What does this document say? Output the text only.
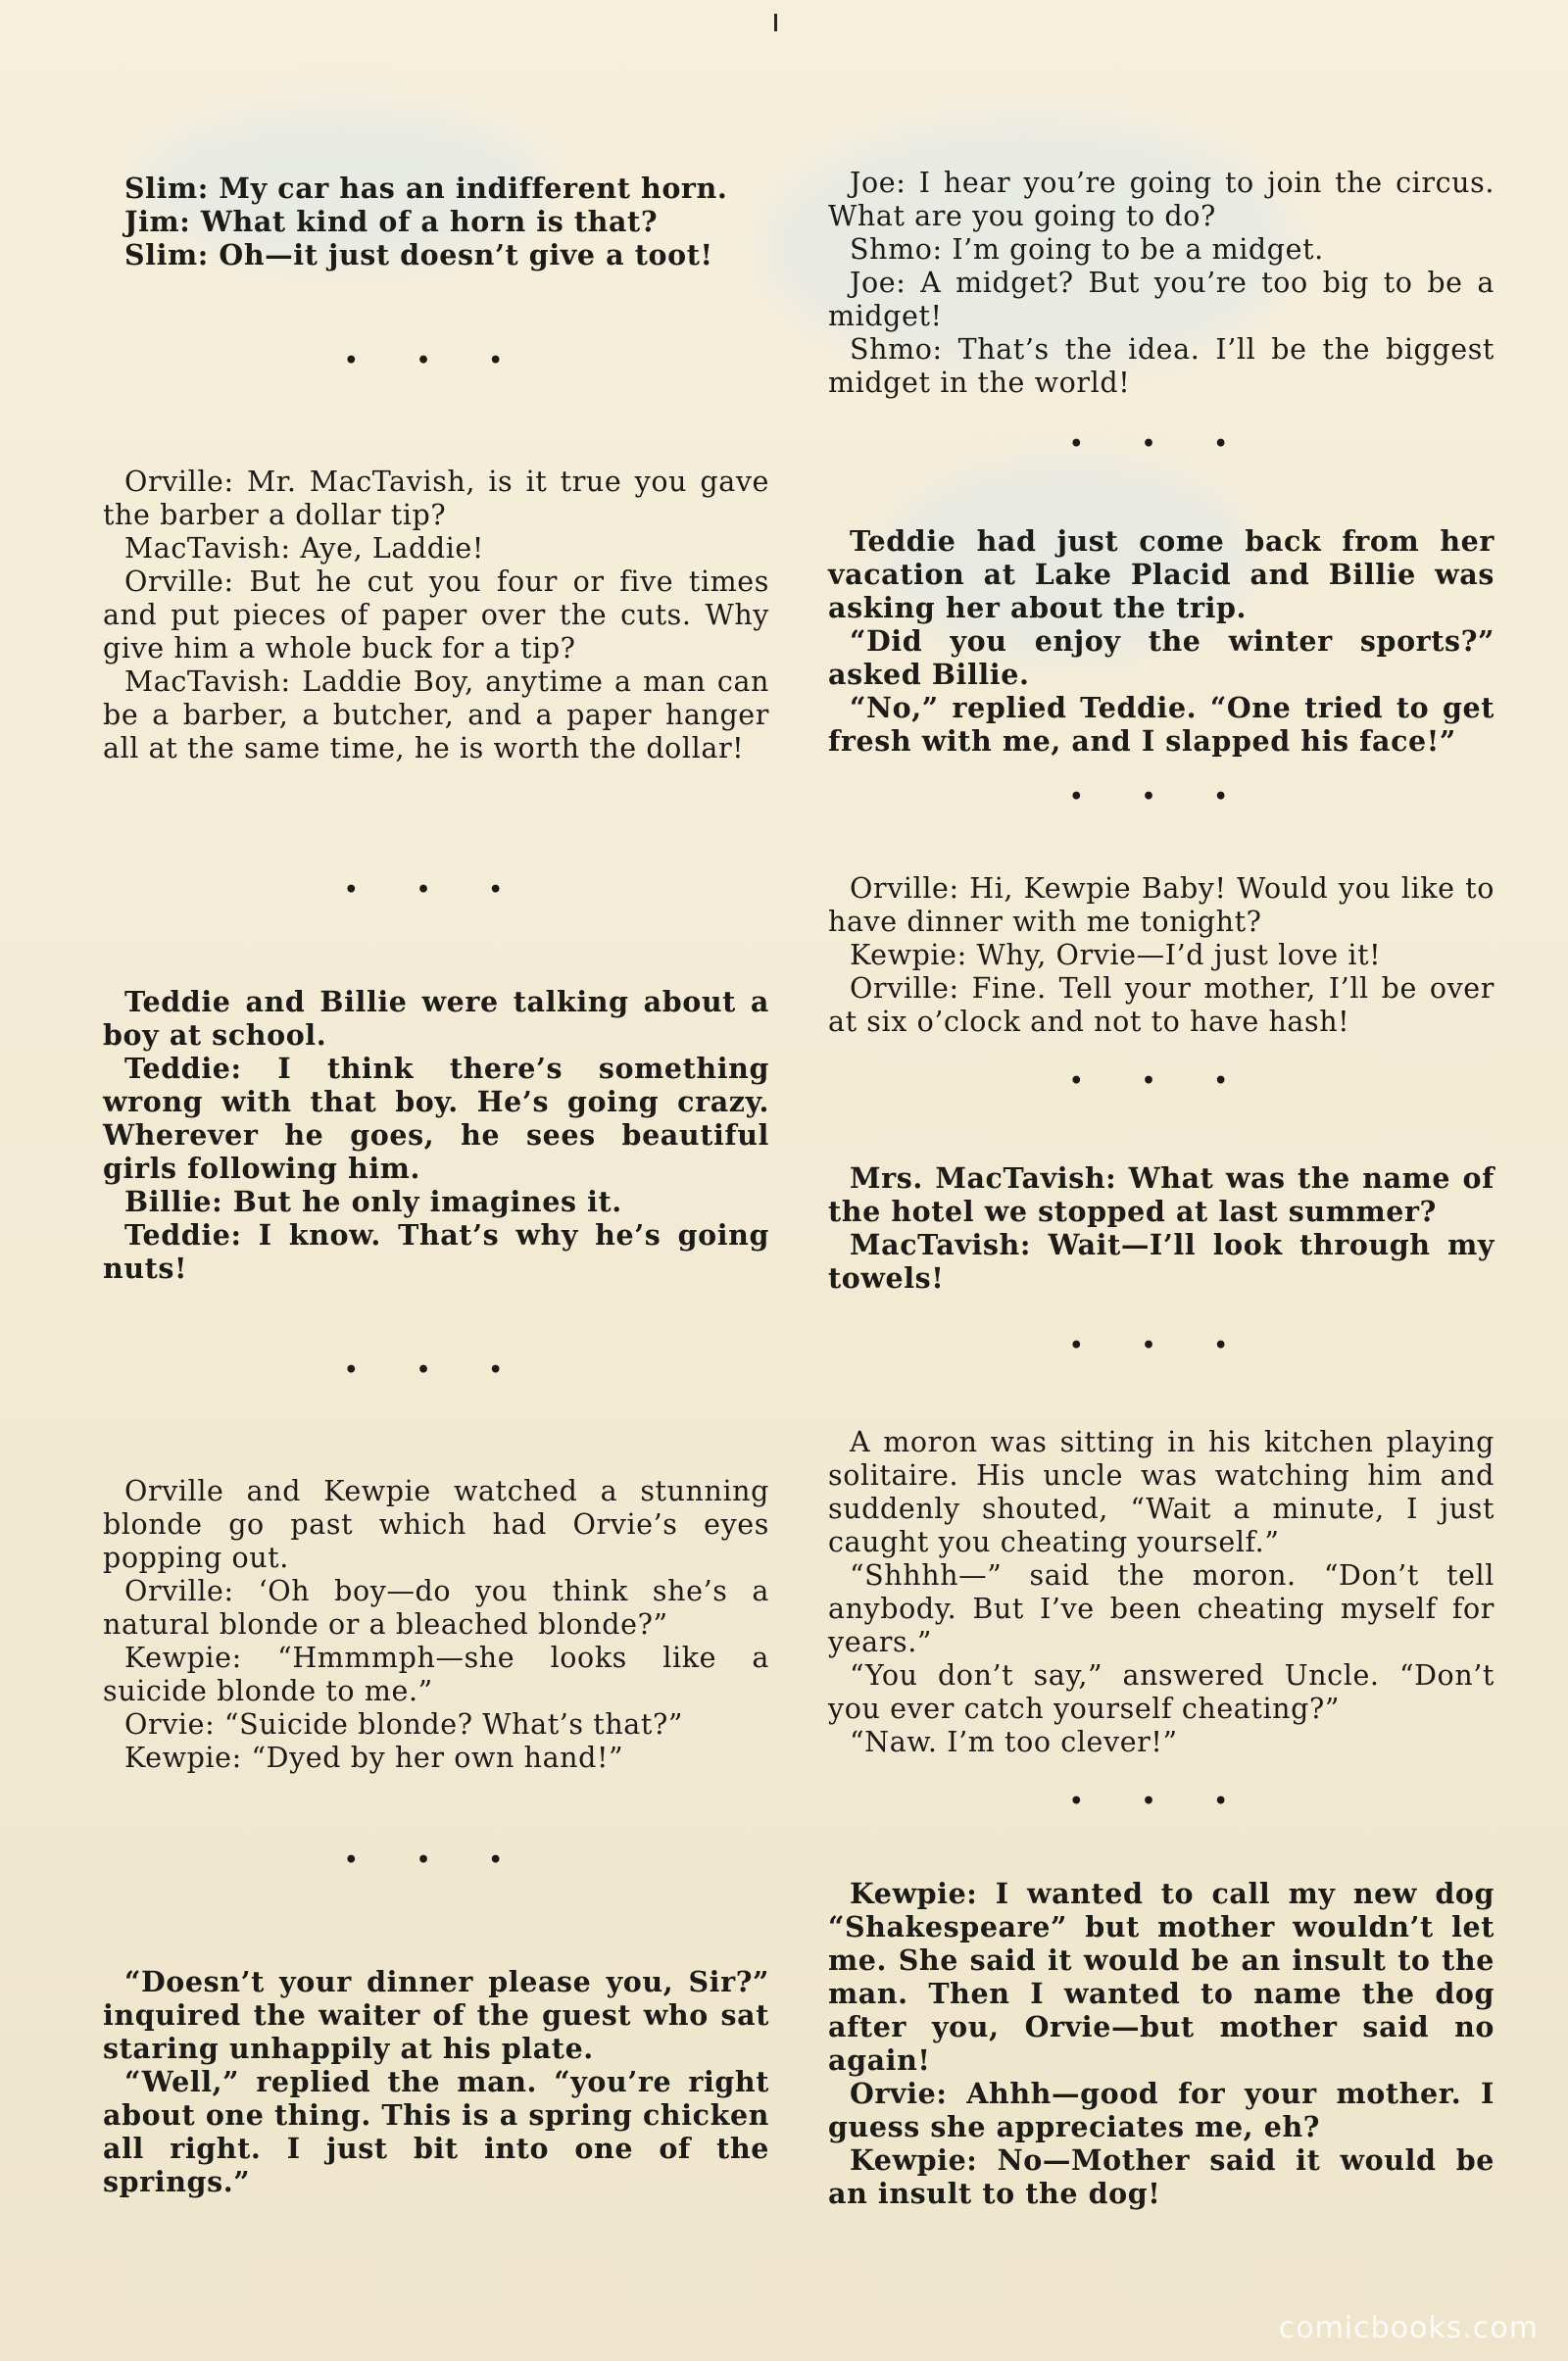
Slim: My car has an indifferent horn.

Jim: What kind of a horn is that?

Slim: Oh—it just doesn’t give a toot!

• • •

Orville: Mr. MacTavish, is it true you gave the barber a dollar tip?

MacTavish: Aye, Laddie!

Orville: But he cut you four or five times and put pieces of paper over the cuts. Why give him a whole buck for a tip?

MacTavish: Laddie Boy, anytime a man can be a barber, a butcher, and a paper hanger all at the same time, he is worth the dollar!

• • •

Teddie and Billie were talking about a boy at school.

Teddie: I think there’s something wrong with that boy. He’s going crazy. Wherever he goes, he sees beautiful girls following him.

Billie: But he only imagines it.

Teddie: I know. That’s why he’s going nuts!

• • •

Orville and Kewpie watched a stunning blonde go past which had Orvie’s eyes popping out.

Orville: ‘Oh boy—do you think she’s a natural blonde or a bleached blonde?”

Kewpie: “Hmmmph—she looks like a suicide blonde to me.”

Orvie: “Suicide blonde? What’s that?”

Kewpie: “Dyed by her own hand!”

• • •

“Doesn’t your dinner please you, Sir?” inquired the waiter of the guest who sat staring unhappily at his plate.

“Well,” replied the man. “you’re right about one thing. This is a spring chicken all right. I just bit into one of the springs.”

Joe: I hear you’re going to join the circus. What are you going to do?

Shmo: I’m going to be a midget.

Joe: A midget? But you’re too big to be a midget!

Shmo: That’s the idea. I’ll be the biggest midget in the world!

• • •

Teddie had just come back from her vacation at Lake Placid and Billie was asking her about the trip.

“Did you enjoy the winter sports?” asked Billie.

“No,” replied Teddie. “One tried to get fresh with me, and I slapped his face!”

• • •

Orville: Hi, Kewpie Baby! Would you like to have dinner with me tonight?

Kewpie: Why, Orvie—I’d just love it!

Orville: Fine. Tell your mother, I’ll be over at six o’clock and not to have hash!

• • •

Mrs. MacTavish: What was the name of the hotel we stopped at last summer?

MacTavish: Wait—I’ll look through my towels!

• • •

A moron was sitting in his kitchen playing solitaire. His uncle was watching him and suddenly shouted, “Wait a minute, I just caught you cheating yourself.”

“Shhhh—” said the moron. “Don’t tell anybody. But I’ve been cheating myself for years.”

“You don’t say,” answered Uncle. “Don’t you ever catch yourself cheating?”

“Naw. I’m too clever!”

• • •

Kewpie: I wanted to call my new dog “Shakespeare” but mother wouldn’t let me. She said it would be an insult to the man. Then I wanted to name the dog after you, Orvie—but mother said no again!

Orvie: Ahhh—good for your mother. I guess she appreciates me, eh?

Kewpie: No—Mother said it would be an insult to the dog!

comicbooks.com
